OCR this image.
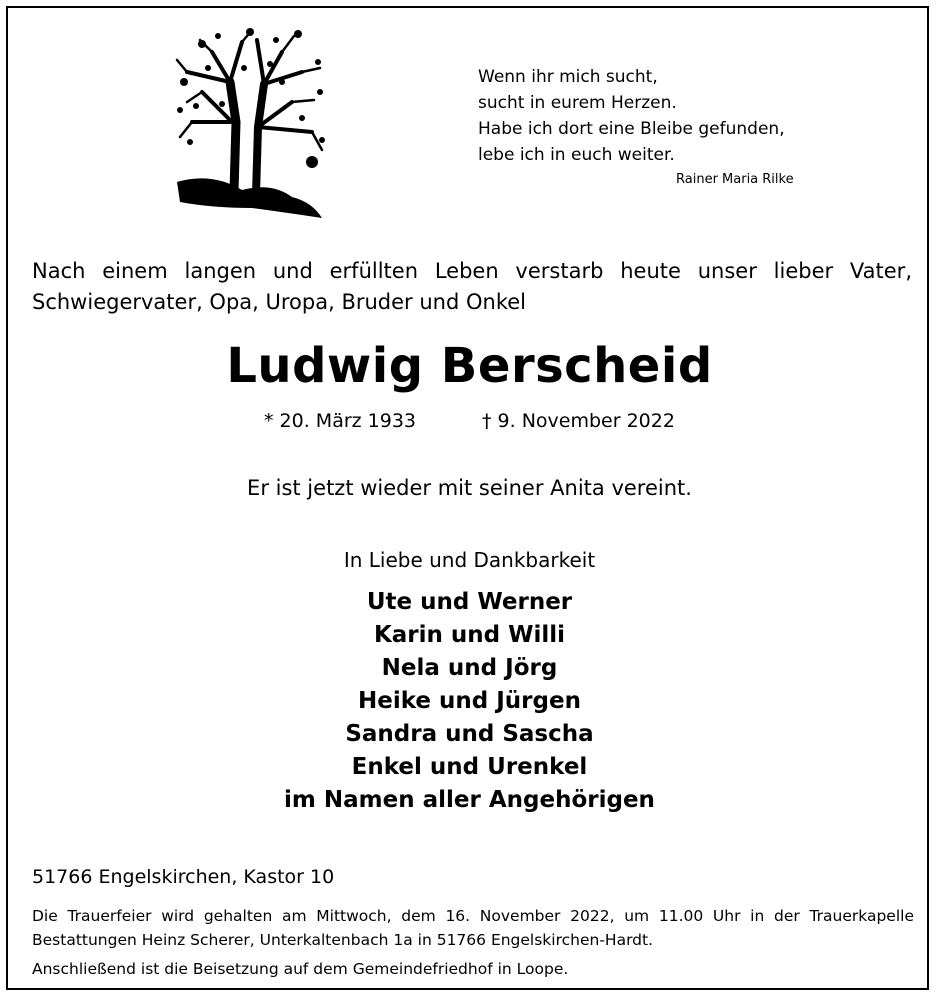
Wenn ihr mich sucht,
sucht in eurem Herzen.
Habe ich dort eine Bleibe gefunden,
lebe ich in euch weiter.
Rainer Maria Rilke
Nach einem langen und erfüllten Leben verstarb heute unser lieber Vater, Schwiegervater, Opa, Uropa, Bruder und Onkel
Ludwig Berscheid
* 20. März 1933	† 9. November 2022
Er ist jetzt wieder mit seiner Anita vereint.
In Liebe und Dankbarkeit
Ute und Werner
Karin und Willi
Nela und Jörg
Heike und Jürgen
Sandra und Sascha
Enkel und Urenkel
im Namen aller Angehörigen
51766 Engelskirchen, Kastor 10
Die Trauerfeier wird gehalten am Mittwoch, dem 16. November 2022, um 11.00 Uhr in der Trauerkapelle Bestattungen Heinz Scherer, Unterkaltenbach 1a in 51766 Engelskirchen-Hardt.
Anschließend ist die Beisetzung auf dem Gemeindefriedhof in Loope.
